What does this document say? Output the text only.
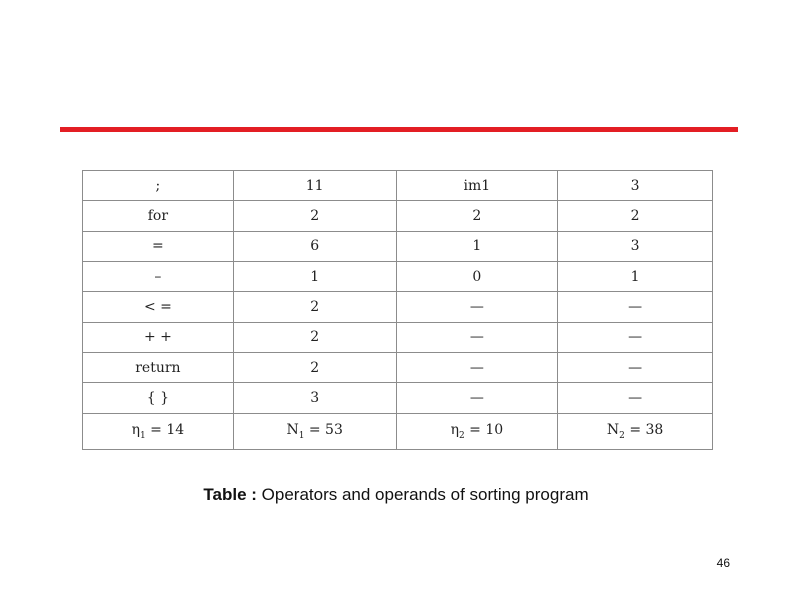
;	11	im1	3
for	2	2	2
=	6	1	3
–	1	0	1
< =	2	—	—
+ +	2	—	—
return	2	—	—
{ }	3	—	—
$\eta_1 = 14$	$N_1 = 53$	$\eta_2 = 10$	$N_2 = 38$
Table : Operators and operands of sorting program
46
